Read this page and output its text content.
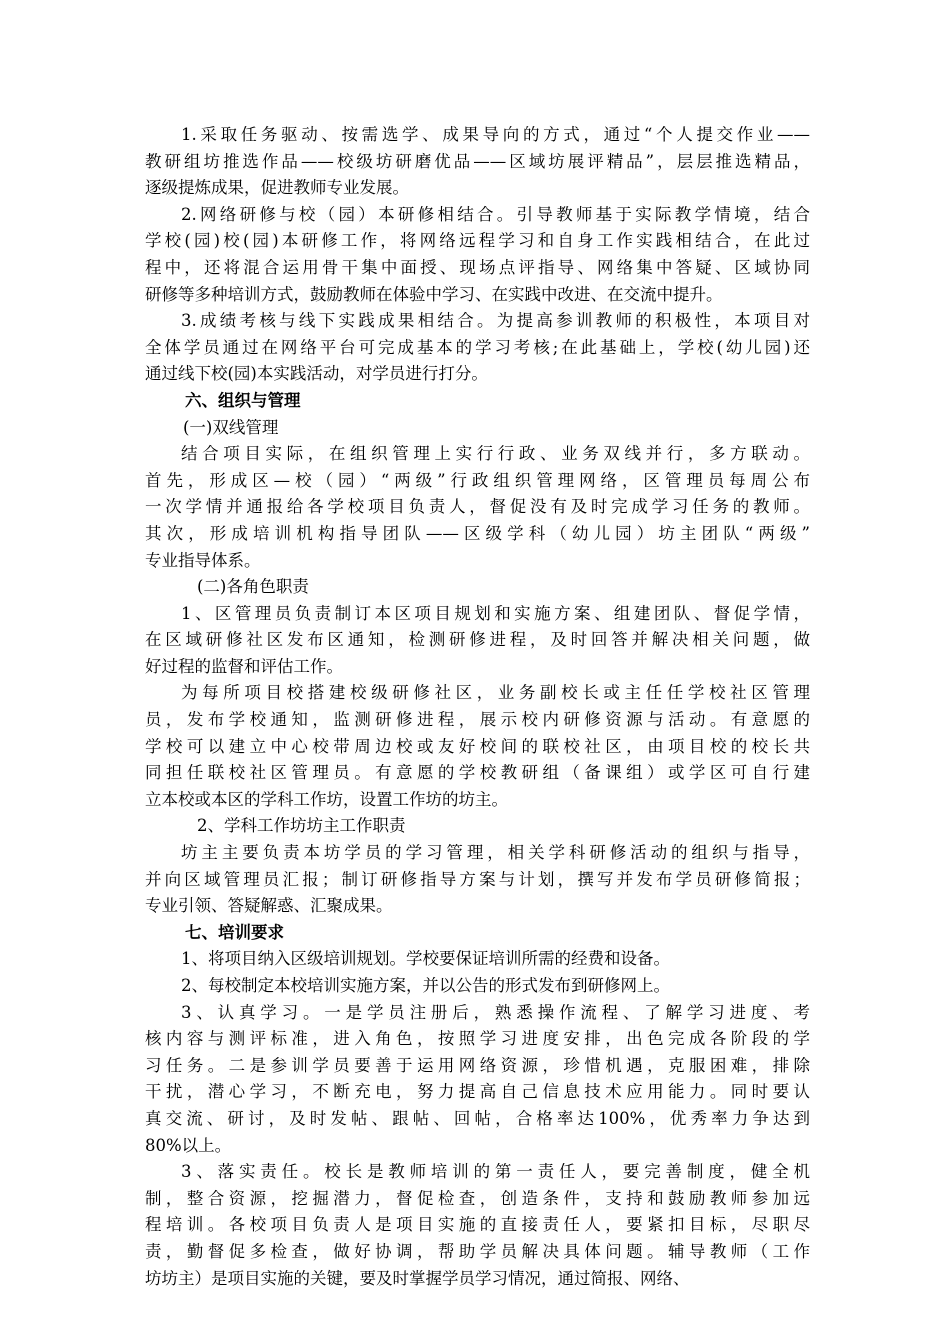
1.采取任务驱动、按需选学、成果导向的方式，通过“个人提交作业——
教研组坊推选作品——校级坊研磨优品——区域坊展评精品”，层层推选精品，
逐级提炼成果，促进教师专业发展。
2.网络研修与校（园）本研修相结合。引导教师基于实际教学情境，结合
学校(园)校(园)本研修工作，将网络远程学习和自身工作实践相结合，在此过
程中，还将混合运用骨干集中面授、现场点评指导、网络集中答疑、区域协同
研修等多种培训方式，鼓励教师在体验中学习、在实践中改进、在交流中提升。
3.成绩考核与线下实践成果相结合。为提高参训教师的积极性，本项目对
全体学员通过在网络平台可完成基本的学习考核;在此基础上，学校(幼儿园)还
通过线下校(园)本实践活动，对学员进行打分。
六、组织与管理
(一)双线管理
结合项目实际，在组织管理上实行行政、业务双线并行，多方联动。
首先，形成区—校（园）“两级”行政组织管理网络，区管理员每周公布
一次学情并通报给各学校项目负责人，督促没有及时完成学习任务的教师。
其次，形成培训机构指导团队——区级学科（幼儿园）坊主团队“两级”
专业指导体系。
(二)各角色职责
1、区管理员负责制订本区项目规划和实施方案、组建团队、督促学情，
在区域研修社区发布区通知，检测研修进程，及时回答并解决相关问题，做
好过程的监督和评估工作。
为每所项目校搭建校级研修社区，业务副校长或主任任学校社区管理
员，发布学校通知，监测研修进程，展示校内研修资源与活动。有意愿的
学校可以建立中心校带周边校或友好校间的联校社区，由项目校的校长共
同担任联校社区管理员。有意愿的学校教研组（备课组）或学区可自行建
立本校或本区的学科工作坊，设置工作坊的坊主。
2、学科工作坊坊主工作职责
坊主主要负责本坊学员的学习管理，相关学科研修活动的组织与指导，
并向区域管理员汇报；制订研修指导方案与计划，撰写并发布学员研修简报；
专业引领、答疑解惑、汇聚成果。
七、培训要求
1、将项目纳入区级培训规划。学校要保证培训所需的经费和设备。
2、每校制定本校培训实施方案，并以公告的形式发布到研修网上。
3、认真学习。一是学员注册后，熟悉操作流程、了解学习进度、考
核内容与测评标准，进入角色，按照学习进度安排，出色完成各阶段的学
习任务。二是参训学员要善于运用网络资源，珍惜机遇，克服困难，排除
干扰，潜心学习，不断充电，努力提高自己信息技术应用能力。同时要认
真交流、研讨，及时发帖、跟帖、回帖，合格率达100%，优秀率力争达到
80%以上。
3、落实责任。校长是教师培训的第一责任人，要完善制度，健全机
制，整合资源，挖掘潜力，督促检查，创造条件，支持和鼓励教师参加远
程培训。各校项目负责人是项目实施的直接责任人，要紧扣目标，尽职尽
责，勤督促多检查，做好协调，帮助学员解决具体问题。辅导教师（工作
坊坊主）是项目实施的关键，要及时掌握学员学习情况，通过简报、网络、
